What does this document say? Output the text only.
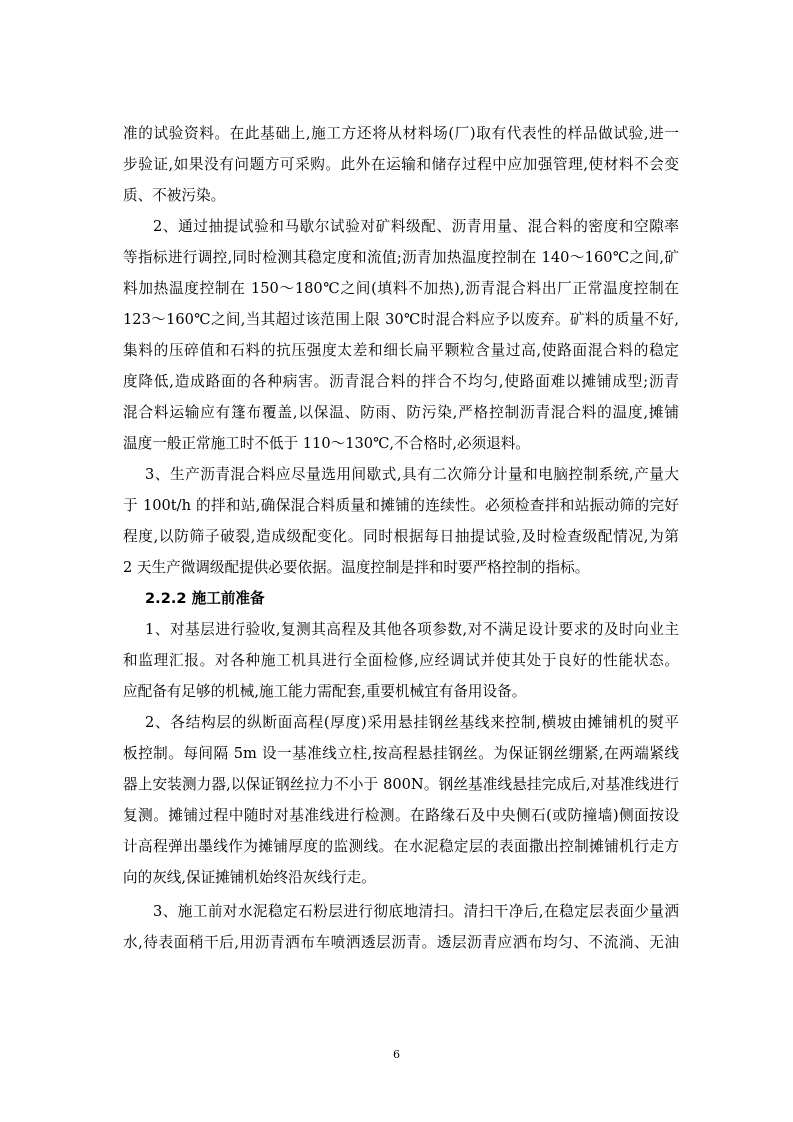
准的试验资料。在此基础上,施工方还将从材料场(厂)取有代表性的样品做试验,进一
步验证,如果没有问题方可采购。此外在运输和储存过程中应加强管理,使材料不会变
质、不被污染。
2、通过抽提试验和马歇尔试验对矿料级配、沥青用量、混合料的密度和空隙率
等指标进行调控,同时检测其稳定度和流值;沥青加热温度控制在 140～160℃之间,矿
料加热温度控制在 150～180℃之间(填料不加热),沥青混合料出厂正常温度控制在
123～160℃之间,当其超过该范围上限 30℃时混合料应予以废弃。矿料的质量不好,
集料的压碎值和石料的抗压强度太差和细长扁平颗粒含量过高,使路面混合料的稳定
度降低,造成路面的各种病害。沥青混合料的拌合不均匀,使路面难以摊铺成型;沥青
混合料运输应有篷布覆盖,以保温、防雨、防污染,严格控制沥青混合料的温度,摊铺
温度一般正常施工时不低于 110～130℃,不合格时,必须退料。
3、生产沥青混合料应尽量选用间歇式,具有二次筛分计量和电脑控制系统,产量大
于 100t/h 的拌和站,确保混合料质量和摊铺的连续性。必须检查拌和站振动筛的完好
程度,以防筛子破裂,造成级配变化。同时根据每日抽提试验,及时检查级配情况,为第
2 天生产微调级配提供必要依据。温度控制是拌和时要严格控制的指标。
2.2.2 施工前准备
1、对基层进行验收,复测其高程及其他各项参数,对不满足设计要求的及时向业主
和监理汇报。对各种施工机具进行全面检修,应经调试并使其处于良好的性能状态。
应配备有足够的机械,施工能力需配套,重要机械宜有备用设备。
2、各结构层的纵断面高程(厚度)采用悬挂钢丝基线来控制,横坡由摊铺机的熨平
板控制。每间隔 5m 设一基准线立柱,按高程悬挂钢丝。为保证钢丝绷紧,在两端紧线
器上安装测力器,以保证钢丝拉力不小于 800N。钢丝基准线悬挂完成后,对基准线进行
复测。摊铺过程中随时对基准线进行检测。在路缘石及中央侧石(或防撞墙)侧面按设
计高程弹出墨线作为摊铺厚度的监测线。在水泥稳定层的表面撒出控制摊铺机行走方
向的灰线,保证摊铺机始终沿灰线行走。
3、施工前对水泥稳定石粉层进行彻底地清扫。清扫干净后,在稳定层表面少量洒
水,待表面稍干后,用沥青洒布车喷洒透层沥青。透层沥青应洒布均匀、不流淌、无油
6
